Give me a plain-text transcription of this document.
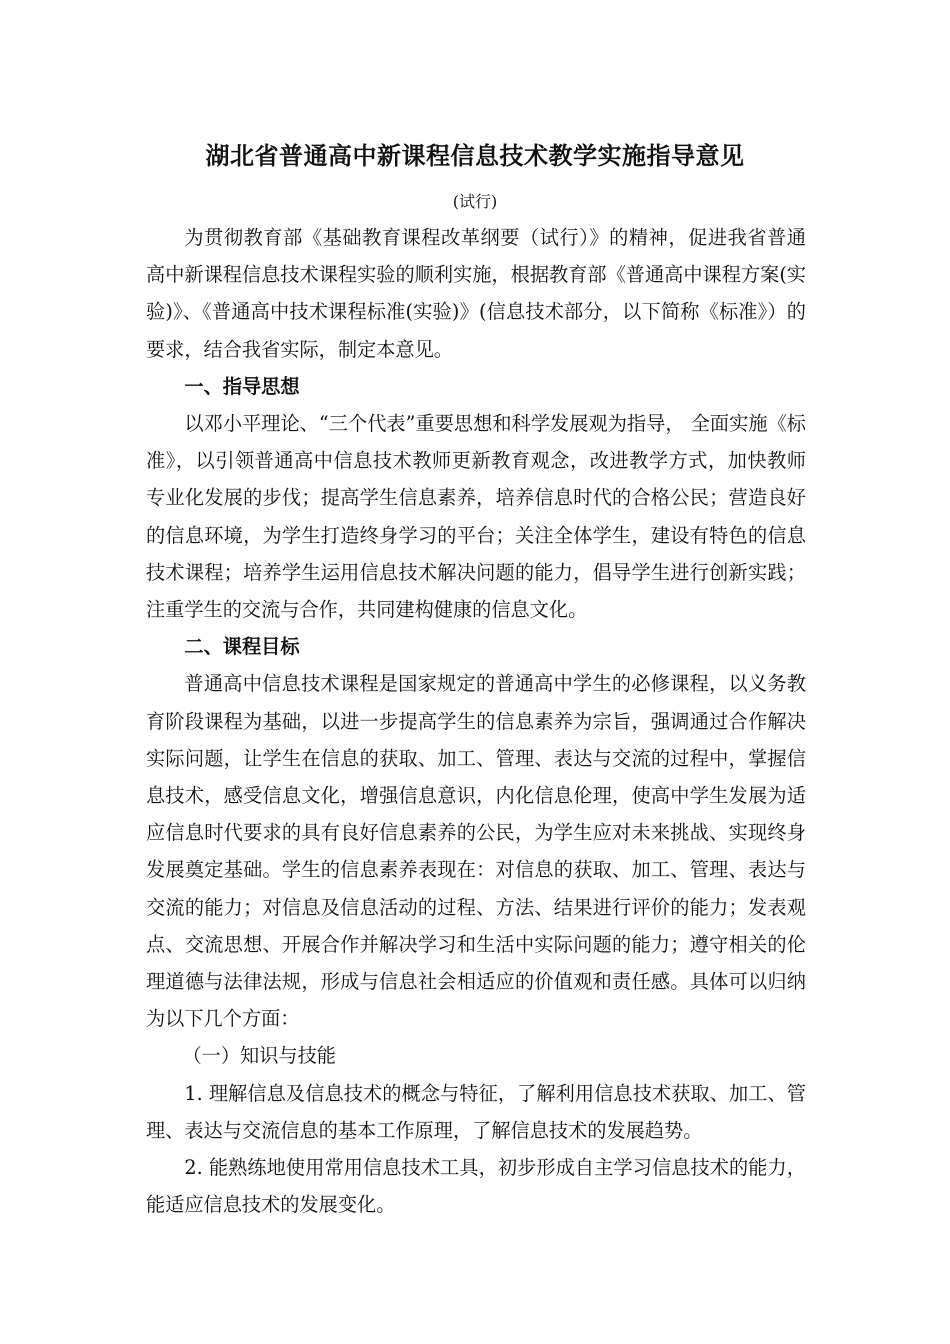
湖北省普通高中新课程信息技术教学实施指导意见
(试行)

为贯彻教育部《基础教育课程改革纲要（试行）》的精神，促进我省普通高中新课程信息技术课程实验的顺利实施，根据教育部《普通高中课程方案(实验)》、《普通高中技术课程标准(实验)》(信息技术部分，以下简称《标准》）的要求，结合我省实际，制定本意见。

一、指导思想

以邓小平理论、“三个代表”重要思想和科学发展观为指导， 全面实施《标准》，以引领普通高中信息技术教师更新教育观念，改进教学方式，加快教师专业化发展的步伐；提高学生信息素养，培养信息时代的合格公民；营造良好的信息环境，为学生打造终身学习的平台；关注全体学生，建设有特色的信息技术课程；培养学生运用信息技术解决问题的能力，倡导学生进行创新实践；注重学生的交流与合作，共同建构健康的信息文化。

二、课程目标

普通高中信息技术课程是国家规定的普通高中学生的必修课程，以义务教育阶段课程为基础，以进一步提高学生的信息素养为宗旨，强调通过合作解决实际问题，让学生在信息的获取、加工、管理、表达与交流的过程中，掌握信息技术，感受信息文化，增强信息意识，内化信息伦理，使高中学生发展为适应信息时代要求的具有良好信息素养的公民，为学生应对未来挑战、实现终身发展奠定基础。学生的信息素养表现在：对信息的获取、加工、管理、表达与交流的能力；对信息及信息活动的过程、方法、结果进行评价的能力；发表观点、交流思想、开展合作并解决学习和生活中实际问题的能力；遵守相关的伦理道德与法律法规，形成与信息社会相适应的价值观和责任感。具体可以归纳为以下几个方面：

（一）知识与技能

1. 理解信息及信息技术的概念与特征，了解利用信息技术获取、加工、管理、表达与交流信息的基本工作原理，了解信息技术的发展趋势。

2. 能熟练地使用常用信息技术工具，初步形成自主学习信息技术的能力，能适应信息技术的发展变化。
